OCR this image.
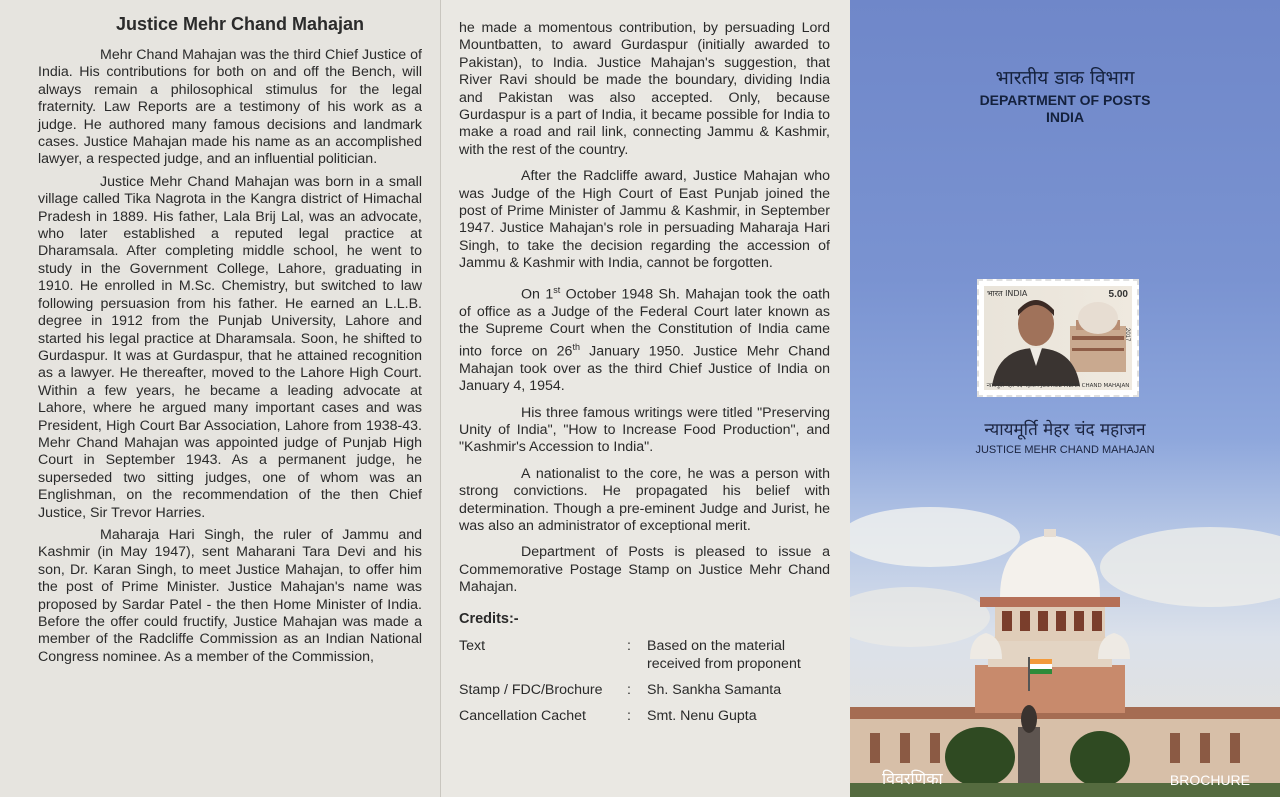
Justice Mehr Chand Mahajan

Mehr Chand Mahajan was the third Chief Justice of India. His contributions for both on and off the Bench, will always remain a philosophical stimulus for the legal fraternity. Law Reports are a testimony of his work as a judge. He authored many famous decisions and landmark cases. Justice Mahajan made his name as an accomplished lawyer, a respected judge, and an influential politician.

Justice Mehr Chand Mahajan was born in a small village called Tika Nagrota in the Kangra district of Himachal Pradesh in 1889. His father, Lala Brij Lal, was an advocate, who later established a reputed legal practice at Dharamsala. After completing middle school, he went to study in the Government College, Lahore, graduating in 1910. He enrolled in M.Sc. Chemistry, but switched to law following persuasion from his father. He earned an L.L.B. degree in 1912 from the Punjab University, Lahore and started his legal practice at Dharamsala. Soon, he shifted to Gurdaspur. It was at Gurdaspur, that he attained recognition as a lawyer. He thereafter, moved to the Lahore High Court. Within a few years, he became a leading advocate at Lahore, where he argued many important cases and was President, High Court Bar Association, Lahore from 1938-43. Mehr Chand Mahajan was appointed judge of Punjab High Court in September 1943. As a permanent judge, he superseded two sitting judges, one of whom was an Englishman, on the recommendation of the then Chief Justice, Sir Trevor Harries.

Maharaja Hari Singh, the ruler of Jammu and Kashmir (in May 1947), sent Maharani Tara Devi and his son, Dr. Karan Singh, to meet Justice Mahajan, to offer him the post of Prime Minister. Justice Mahajan's name was proposed by Sardar Patel - the then Home Minister of India. Before the offer could fructify, Justice Mahajan was made a member of the Radcliffe Commission as an Indian National Congress nominee. As a member of the Commission,

he made a momentous contribution, by persuading Lord Mountbatten, to award Gurdaspur (initially awarded to Pakistan), to India. Justice Mahajan's suggestion, that River Ravi should be made the boundary, dividing India and Pakistan was also accepted. Only, because Gurdaspur is a part of India, it became possible for India to make a road and rail link, connecting Jammu & Kashmir, with the rest of the country.

After the Radcliffe award, Justice Mahajan who was Judge of the High Court of East Punjab joined the post of Prime Minister of Jammu & Kashmir, in September 1947. Justice Mahajan's role in persuading Maharaja Hari Singh, to take the decision regarding the accession of Jammu & Kashmir with India, cannot be forgotten.

On 1st October 1948 Sh. Mahajan took the oath of office as a Judge of the Federal Court later known as the Supreme Court when the Constitution of India came into force on 26th January 1950. Justice Mehr Chand Mahajan took over as the third Chief Justice of India on January 4, 1954.

His three famous writings were titled "Preserving Unity of India", "How to Increase Food Production", and "Kashmir's Accession to India".

A nationalist to the core, he was a person with strong convictions. He propagated his belief with determination. Though a pre-eminent Judge and Jurist, he was also an administrator of exceptional merit.

Department of Posts is pleased to issue a Commemorative Postage Stamp on Justice Mehr Chand Mahajan.

Credits:-
Text	:	Based on the material received from proponent
Stamp / FDC/Brochure	:	Sh. Sankha Samanta
Cancellation Cachet	:	Smt. Nenu Gupta
भारतीय डाक विभाग
DEPARTMENT OF POSTS
INDIA
भारत INDIA	5.00
2017
न्यायमूर्ति मेहर चंद महाजन JUSTICE MEHR CHAND MAHAJAN
न्यायमूर्ति मेहर चंद महाजन
JUSTICE MEHR CHAND MAHAJAN
विवरणिका	BROCHURE
